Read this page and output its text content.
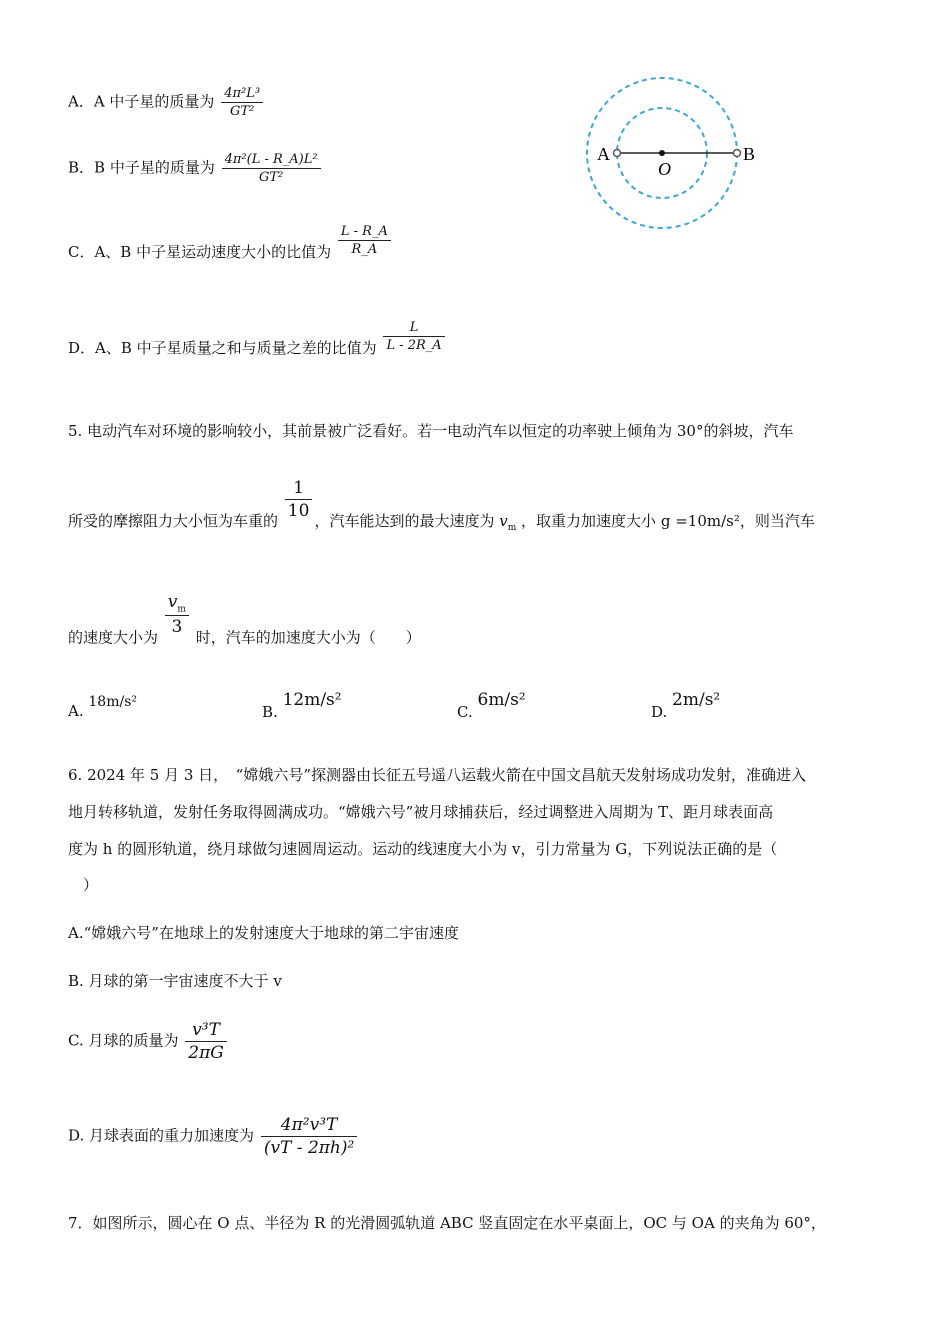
A．A 中子星的质量为 $\frac{\text{4π²L³}}{\text{GT²}}$
B．B 中子星的质量为 $\frac{\text{4π²(L - R\_A)L²}}{\text{GT²}}$
C．A、B 中子星运动速度大小的比值为 $\frac{L - R\_A}{R\_A}$
D．A、B 中子星质量之和与质量之差的比值为 $\frac{L}{L - 2R\_A}$
A
O
B
5. 电动汽车对环境的影响较小，其前景被广泛看好。若一电动汽车以恒定的功率驶上倾角为 30°的斜坡，汽车
所受的摩擦阻力大小恒为车重的 $\frac{1}{10}$ ，汽车能达到的最大速度为 $v_m$ ，取重力加速度大小 g =10m/s²，则当汽车
的速度大小为 $\frac{v_m}{3}$ 时，汽车的加速度大小为（　　）
A. 18m/s²
B. 12m/s²
C. 6m/s²
D. 2m/s²
6. 2024 年 5 月 3 日，　“嫦娥六号”探测器由长征五号遥八运载火箭在中国文昌航天发射场成功发射，准确进入
地月转移轨道，发射任务取得圆满成功。“嫦娥六号”被月球捕获后，经过调整进入周期为 T、距月球表面高
度为 h 的圆形轨道，绕月球做匀速圆周运动。运动的线速度大小为 v，引力常量为 G，下列说法正确的是（
　）
A.“嫦娥六号”在地球上的发射速度大于地球的第二宇宙速度
B. 月球的第一宇宙速度不大于 v
C. 月球的质量为 $\frac{\text{v³T}}{2\pi G}$
D. 月球表面的重力加速度为 $\frac{\text{4π²v³T}}{\text{(vT - 2πh)²}}$
7．如图所示，圆心在 O 点、半径为 R 的光滑圆弧轨道 ABC 竖直固定在水平桌面上，OC 与 OA 的夹角为 60°，
